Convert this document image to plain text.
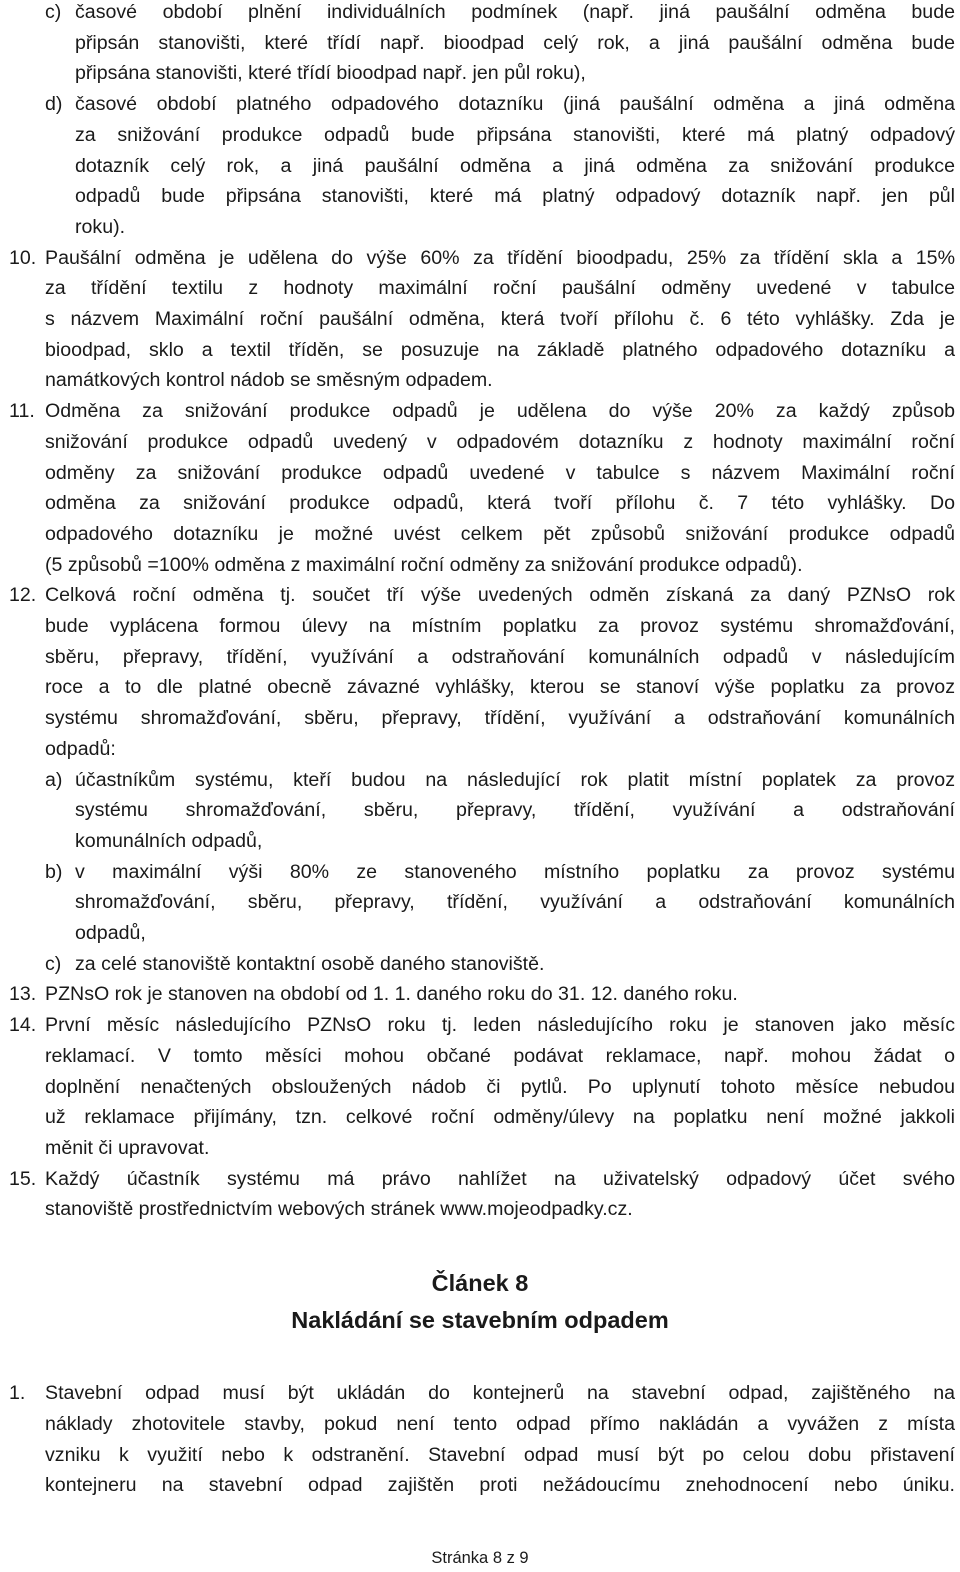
c) časové období plnění individuálních podmínek (např. jiná paušální odměna bude
připsán stanovišti, které třídí např. bioodpad celý rok, a jiná paušální odměna bude
připsána stanovišti, které třídí bioodpad např. jen půl roku),
d) časové období platného odpadového dotazníku (jiná paušální odměna a jiná odměna
za snižování produkce odpadů bude připsána stanovišti, které má platný odpadový
dotazník celý rok, a jiná paušální odměna a jiná odměna za snižování produkce
odpadů bude připsána stanovišti, které má platný odpadový dotazník např. jen půl
roku).
10. Paušální odměna je udělena do výše 60% za třídění bioodpadu, 25% za třídění skla a 15%
za třídění textilu z hodnoty maximální roční paušální odměny uvedené v tabulce
s názvem Maximální roční paušální odměna, která tvoří přílohu č. 6 této vyhlášky. Zda je
bioodpad, sklo a textil tříděn, se posuzuje na základě platného odpadového dotazníku a
namátkových kontrol nádob se směsným odpadem.
11. Odměna za snižování produkce odpadů je udělena do výše 20% za každý způsob
snižování produkce odpadů uvedený v odpadovém dotazníku z hodnoty maximální roční
odměny za snižování produkce odpadů uvedené v tabulce s názvem Maximální roční
odměna za snižování produkce odpadů, která tvoří přílohu č. 7 této vyhlášky. Do
odpadového dotazníku je možné uvést celkem pět způsobů snižování produkce odpadů
(5 způsobů =100% odměna z maximální roční odměny za snižování produkce odpadů).
12. Celková roční odměna tj. součet tří výše uvedených odměn získaná za daný PZNsO rok
bude vyplácena formou úlevy na místním poplatku za provoz systému shromažďování,
sběru, přepravy, třídění, využívání a odstraňování komunálních odpadů v následujícím
roce a to dle platné obecně závazné vyhlášky, kterou se stanoví výše poplatku za provoz
systému shromažďování, sběru, přepravy, třídění, využívání a odstraňování komunálních
odpadů:
a) účastníkům systému, kteří budou na následující rok platit místní poplatek za provoz
systému shromažďování, sběru, přepravy, třídění, využívání a odstraňování
komunálních odpadů,
b) v maximální výši 80% ze stanoveného místního poplatku za provoz systému
shromažďování, sběru, přepravy, třídění, využívání a odstraňování komunálních
odpadů,
c) za celé stanoviště kontaktní osobě daného stanoviště.
13. PZNsO rok je stanoven na období od 1. 1. daného roku do 31. 12. daného roku.
14. První měsíc následujícího PZNsO roku tj. leden následujícího roku je stanoven jako měsíc
reklamací. V tomto měsíci mohou občané podávat reklamace, např. mohou žádat o
doplnění nenačtených obsloužených nádob či pytlů. Po uplynutí tohoto měsíce nebudou
už reklamace přijímány, tzn. celkové roční odměny/úlevy na poplatku není možné jakkoli
měnit či upravovat.
15. Každý účastník systému má právo nahlížet na uživatelský odpadový účet svého
stanoviště prostřednictvím webových stránek www.mojeodpadky.cz.
Článek 8
Nakládání se stavebním odpadem
1. Stavební odpad musí být ukládán do kontejnerů na stavební odpad, zajištěného na
náklady zhotovitele stavby, pokud není tento odpad přímo nakládán a vyvážen z místa
vzniku k využití nebo k odstranění. Stavební odpad musí být po celou dobu přistavení
kontejneru na stavební odpad zajištěn proti nežádoucímu znehodnocení nebo úniku.
Stránka 8 z 9
